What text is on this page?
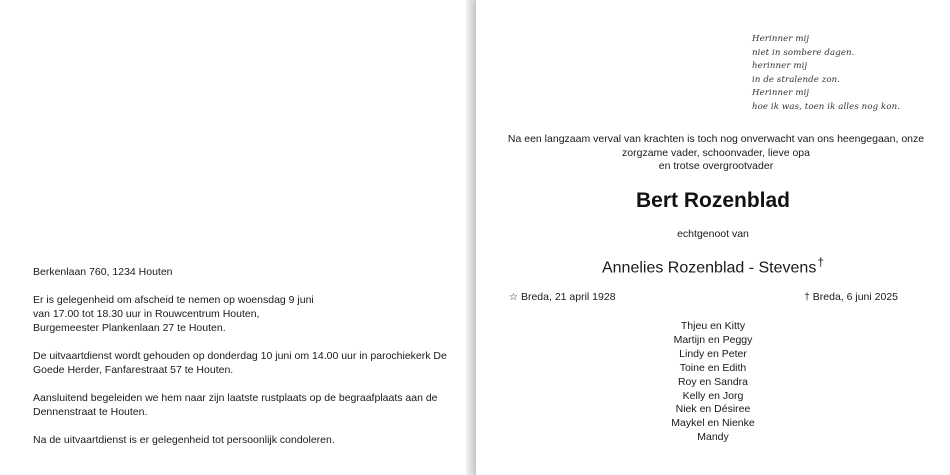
Berkenlaan 760, 1234 Houten

Er is gelegenheid om afscheid te nemen op woensdag 9 juni
van 17.00 tot 18.30 uur in Rouwcentrum Houten,
Burgemeester Plankenlaan 27 te Houten.

De uitvaartdienst wordt gehouden op donderdag 10 juni om 14.00 uur in parochiekerk De
Goede Herder, Fanfarestraat 57 te Houten.

Aansluitend begeleiden we hem naar zijn laatste rustplaats op de begraafplaats aan de
Dennenstraat te Houten.

Na de uitvaartdienst is er gelegenheid tot persoonlijk condoleren.

Herinner mij
niet in sombere dagen.
herinner mij
in de stralende zon.
Herinner mij
hoe ik was, toen ik alles nog kon.
Na een langzaam verval van krachten is toch nog onverwacht van ons heengegaan, onze
zorgzame vader, schoonvader, lieve opa
en trotse overgrootvader
Bert Rozenblad
echtgenoot van
Annelies Rozenblad - Stevens†
☆ Breda, 21 april 1928	† Breda, 6 juni 2025
Thjeu en Kitty
Martijn en Peggy
Lindy en Peter
Toine en Edith
Roy en Sandra
Kelly en Jorg
Niek en Désiree
Maykel en Nienke
Mandy
